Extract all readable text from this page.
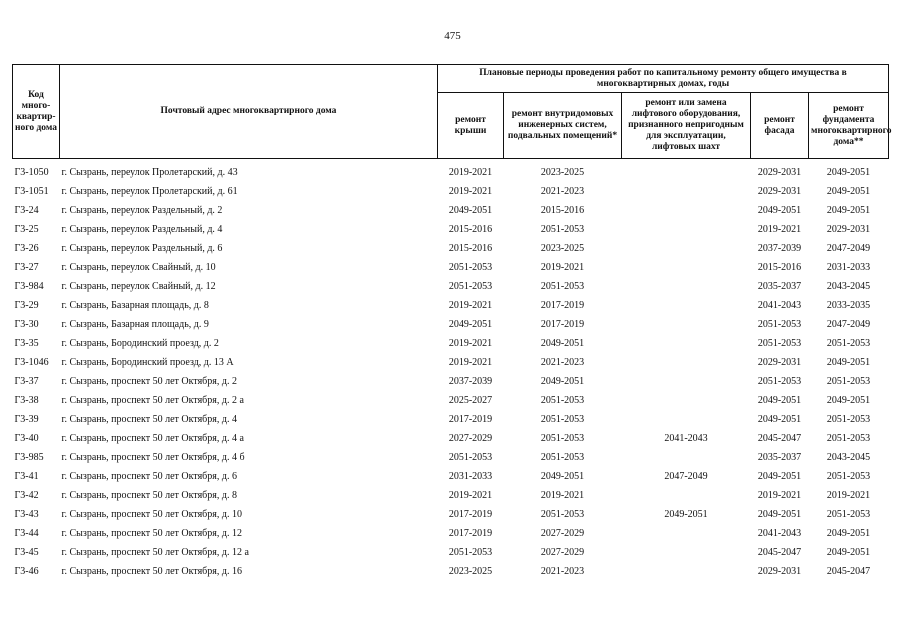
475
Код много-квартир-ного дома	Почтовый адрес многоквартирного дома	Плановые периоды проведения работ по капитальному ремонту общего имущества в многоквартирных домах, годы				
		ремонт крыши	ремонт внутридомовых инженерных систем, подвальных помещений*	ремонт или замена лифтового оборудования, признанного непригодным для эксплуатации, лифтовых шахт	ремонт фасада	ремонт фундамента многоквартирного дома**
Г3-1050	г. Сызрань, переулок Пролетарский, д. 43	2019-2021	2023-2025		2029-2031	2049-2051
Г3-1051	г. Сызрань, переулок Пролетарский, д. 61	2019-2021	2021-2023		2029-2031	2049-2051
Г3-24	г. Сызрань, переулок Раздельный, д. 2	2049-2051	2015-2016		2049-2051	2049-2051
Г3-25	г. Сызрань, переулок Раздельный, д. 4	2015-2016	2051-2053		2019-2021	2029-2031
Г3-26	г. Сызрань, переулок Раздельный, д. 6	2015-2016	2023-2025		2037-2039	2047-2049
Г3-27	г. Сызрань, переулок Свайный, д. 10	2051-2053	2019-2021		2015-2016	2031-2033
Г3-984	г. Сызрань, переулок Свайный, д. 12	2051-2053	2051-2053		2035-2037	2043-2045
Г3-29	г. Сызрань, Базарная площадь, д. 8	2019-2021	2017-2019		2041-2043	2033-2035
Г3-30	г. Сызрань, Базарная площадь, д. 9	2049-2051	2017-2019		2051-2053	2047-2049
Г3-35	г. Сызрань, Бородинский проезд, д. 2	2019-2021	2049-2051		2051-2053	2051-2053
Г3-1046	г. Сызрань, Бородинский проезд, д. 13 А	2019-2021	2021-2023		2029-2031	2049-2051
Г3-37	г. Сызрань, проспект 50 лет Октября, д. 2	2037-2039	2049-2051		2051-2053	2051-2053
Г3-38	г. Сызрань, проспект 50 лет Октября, д. 2 а	2025-2027	2051-2053		2049-2051	2049-2051
Г3-39	г. Сызрань, проспект 50 лет Октября, д. 4	2017-2019	2051-2053		2049-2051	2051-2053
Г3-40	г. Сызрань, проспект 50 лет Октября, д. 4 а	2027-2029	2051-2053	2041-2043	2045-2047	2051-2053
Г3-985	г. Сызрань, проспект 50 лет Октября, д. 4 б	2051-2053	2051-2053		2035-2037	2043-2045
Г3-41	г. Сызрань, проспект 50 лет Октября, д. 6	2031-2033	2049-2051	2047-2049	2049-2051	2051-2053
Г3-42	г. Сызрань, проспект 50 лет Октября, д. 8	2019-2021	2019-2021		2019-2021	2019-2021
Г3-43	г. Сызрань, проспект 50 лет Октября, д. 10	2017-2019	2051-2053	2049-2051	2049-2051	2051-2053
Г3-44	г. Сызрань, проспект 50 лет Октября, д. 12	2017-2019	2027-2029		2041-2043	2049-2051
Г3-45	г. Сызрань, проспект 50 лет Октября, д. 12 а	2051-2053	2027-2029		2045-2047	2049-2051
Г3-46	г. Сызрань, проспект 50 лет Октября, д. 16	2023-2025	2021-2023		2029-2031	2045-2047
